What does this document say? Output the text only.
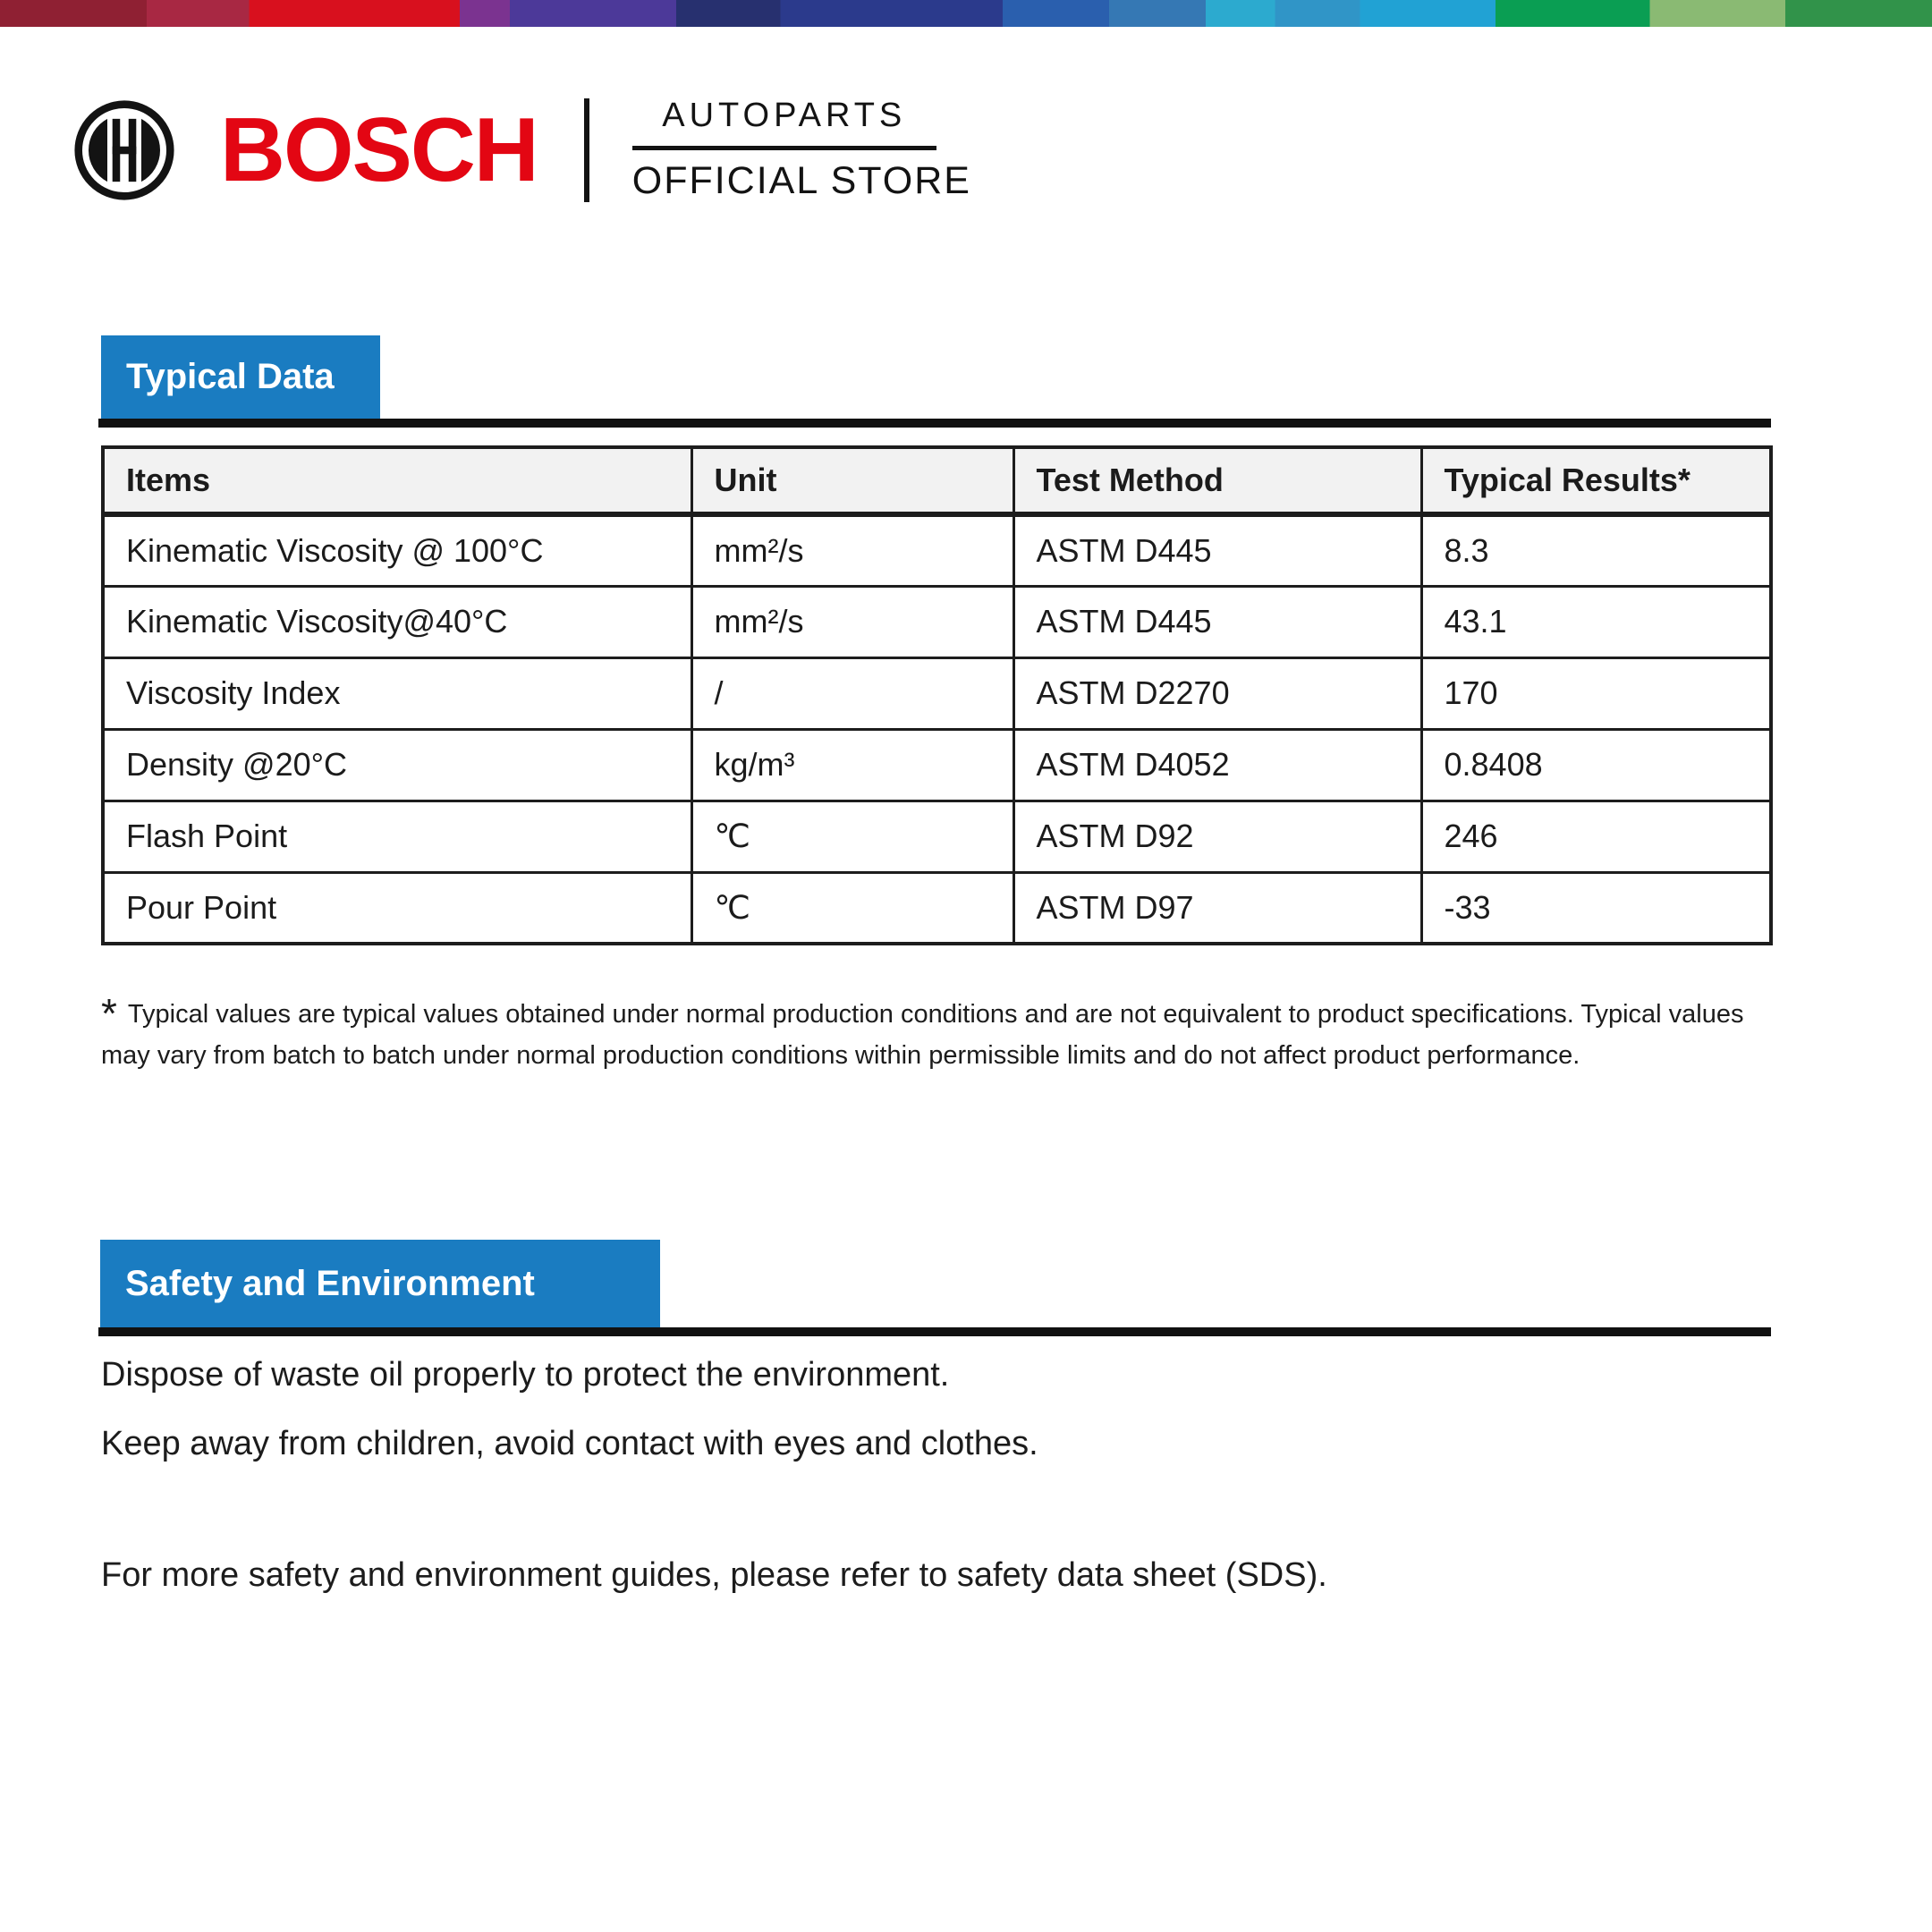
BOSCH	AUTOPARTS
OFFICIAL STORE
Typical Data
Items	Unit	Test Method	Typical Results*
Kinematic Viscosity @ 100°C	mm²/s	ASTM D445	8.3
Kinematic Viscosity@40°C	mm²/s	ASTM D445	43.1
Viscosity Index	/	ASTM D2270	170
Density @20°C	kg/m³	ASTM D4052	0.8408
Flash Point	℃	ASTM D92	246
Pour Point	℃	ASTM D97	-33
* Typical values are typical values obtained under normal production conditions and are not equivalent to product specifications. Typical values may vary from batch to batch under normal production conditions within permissible limits and do not affect product performance.
Safety and Environment
Dispose of waste oil properly to protect the environment.
Keep away from children, avoid contact with eyes and clothes.
For more safety and environment guides, please refer to safety data sheet (SDS).
